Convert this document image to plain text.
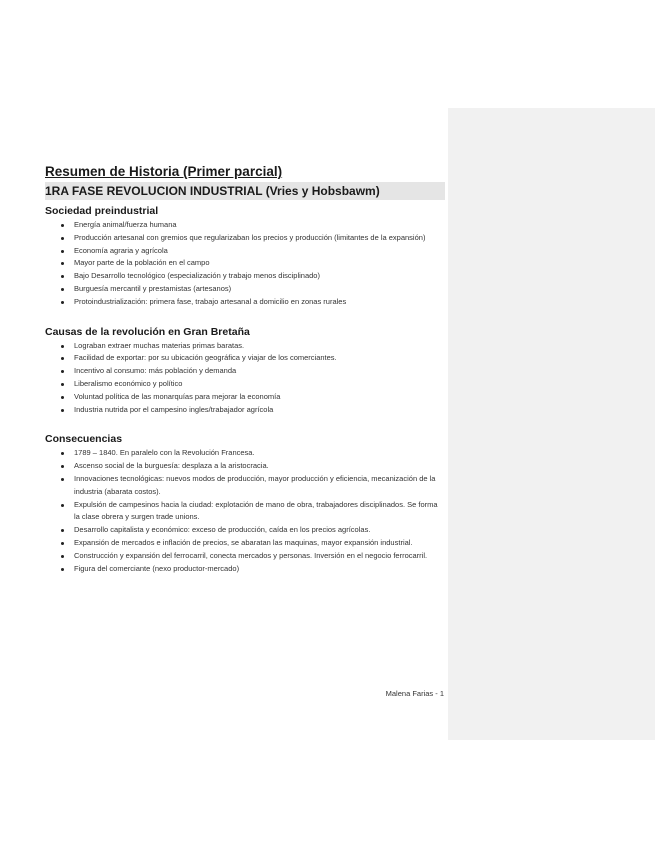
Resumen de Historia (Primer parcial)
1RA FASE REVOLUCION INDUSTRIAL (Vries y Hobsbawm)
Sociedad preindustrial
Energía animal/fuerza humana
Producción artesanal con gremios que regularizaban los precios y producción (limitantes de la expansión)
Economía agraria y agrícola
Mayor parte de la población en el campo
Bajo Desarrollo tecnológico (especialización y trabajo menos disciplinado)
Burguesía mercantil y prestamistas (artesanos)
Protoindustrialización: primera fase, trabajo artesanal a domicilio en zonas rurales
Causas de la revolución en Gran Bretaña
Lograban extraer muchas materias primas baratas.
Facilidad de exportar: por su ubicación geográfica y viajar de los comerciantes.
Incentivo al consumo: más población y demanda
Liberalismo económico y político
Voluntad política de las monarquías para mejorar la economía
Industria nutrida por el campesino ingles/trabajador agrícola
Consecuencias
1789 – 1840. En paralelo con la Revolución Francesa.
Ascenso social de la burguesía: desplaza a la aristocracia.
Innovaciones tecnológicas: nuevos modos de producción, mayor producción y eficiencia, mecanización de la industria (abarata costos).
Expulsión de campesinos hacia la ciudad: explotación de mano de obra, trabajadores disciplinados. Se forma la clase obrera y surgen trade unions.
Desarrollo capitalista y económico: exceso de producción, caída en los precios agrícolas.
Expansión de mercados e inflación de precios, se abaratan las maquinas, mayor expansión industrial.
Construcción y expansión del ferrocarril, conecta mercados y personas. Inversión en el negocio ferrocarril.
Figura del comerciante (nexo productor-mercado)
Malena Farias - 1
